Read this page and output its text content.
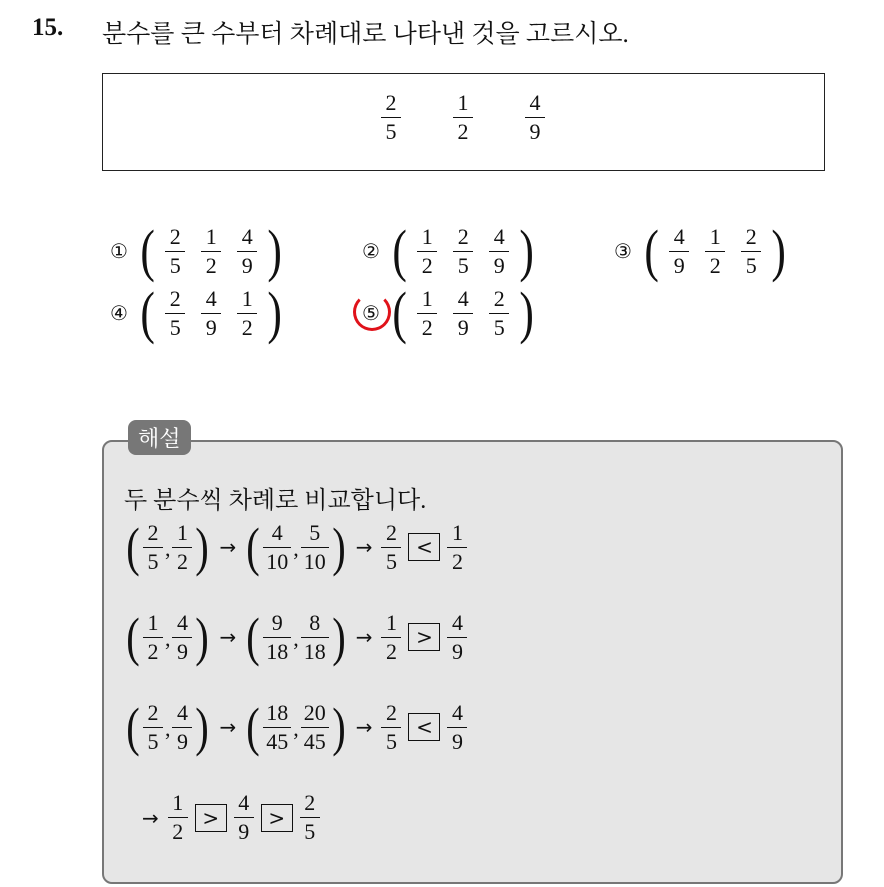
15. 분수를 큰 수부터 차례대로 나타낸 것을 고르시오.
$\frac{2}{5} \frac{1}{2} \frac{4}{9}$
① ( $\frac{2}{5} \frac{1}{2} \frac{4}{9}$ )	② ( $\frac{1}{2} \frac{2}{5} \frac{4}{9}$ )	③ ( $\frac{4}{9} \frac{1}{2} \frac{2}{5}$ )
④ ( $\frac{2}{5} \frac{4}{9} \frac{1}{2}$ )	⑤ ( $\frac{1}{2} \frac{4}{9} \frac{2}{5}$ )
두 분수씩 차례로 비교합니다.
( $\frac{2}{5}$ , $\frac{1}{2}$ ) → ( $\frac{4}{10}$ , $\frac{5}{10}$ ) → $\frac{2}{5} < \frac{1}{2}$
( $\frac{1}{2}$ , $\frac{4}{9}$ ) → ( $\frac{9}{18}$ , $\frac{8}{18}$ ) → $\frac{1}{2} > \frac{4}{9}$
( $\frac{2}{5}$ , $\frac{4}{9}$ ) → ( $\frac{18}{45}$ , $\frac{20}{45}$ ) → $\frac{2}{5} < \frac{4}{9}$
→ $\frac{1}{2} > \frac{4}{9} > \frac{2}{5}$
해설
